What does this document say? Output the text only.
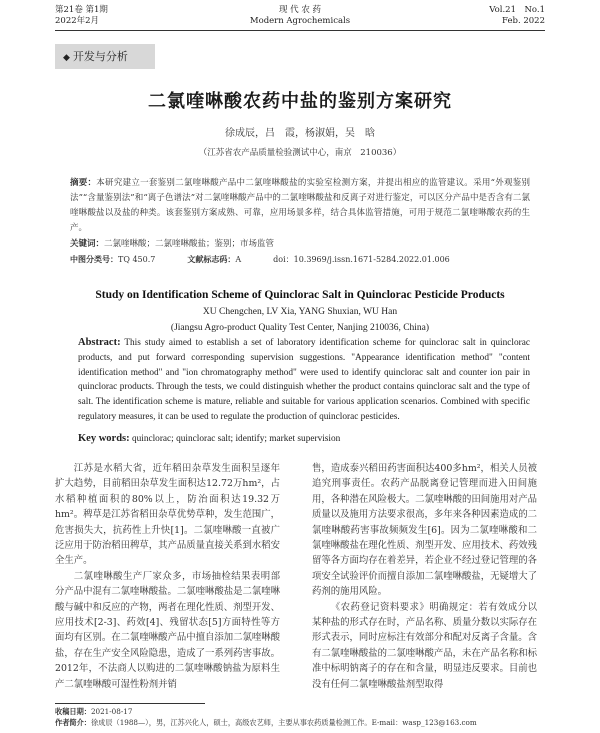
第21卷 第1期	现 代 农 药	Vol.21　No.1
2022年2月	Modern Agrochemicals	Feb. 2022
◆ 开发与分析
二氯喹啉酸农药中盐的鉴别方案研究
徐成辰，吕　霞，杨淑娟，吴　晗
（江苏省农产品质量检验测试中心，南京　210036）
摘要：本研究建立一套鉴别二氯喹啉酸产品中二氯喹啉酸盐的实验室检测方案，并提出相应的监管建议。采用“外观鉴别法”“含量鉴别法”和“离子色谱法”对二氯喹啉酸产品中的二氯喹啉酸盐和反离子对进行鉴定，可以区分产品中是否含有二氯喹啉酸盐以及盐的种类。该套鉴别方案成熟、可靠，应用场景多样，结合具体监管措施，可用于规范二氯喹啉酸农药的生产。
关键词：二氯喹啉酸；二氯喹啉酸盐；鉴别；市场监管
中图分类号：TQ 450.7	文献标志码：A	doi：10.3969/j.issn.1671-5284.2022.01.006
Study on Identification Scheme of Quinclorac Salt in Quinclorac Pesticide Products
XU Chengchen, LV Xia, YANG Shuxian, WU Han
(Jiangsu Agro-product Quality Test Center, Nanjing 210036, China)
Abstract: This study aimed to establish a set of laboratory identification scheme for quinclorac salt in quinclorac products, and put forward corresponding supervision suggestions. "Appearance identification method" "content identification method" and "ion chromatography method" were used to identify quinclorac salt and counter ion pair in quinclorac products. Through the tests, we could distinguish whether the product contains quinclorac salt and the type of salt. The identification scheme is mature, reliable and suitable for various application scenarios. Combined with specific regulatory measures, it can be used to regulate the production of quinclorac pesticides.
Key words: quinclorac; quinclorac salt; identify; market supervision

江苏是水稻大省，近年稻田杂草发生面积呈逐年扩大趋势，目前稻田杂草发生面积达12.72万hm²，占水稻种植面积的80%以上，防治面积达19.32万hm²。稗草是江苏省稻田杂草优势草种，发生范围广，危害损失大，抗药性上升快[1]。二氯喹啉酸一直被广泛应用于防治稻田稗草，其产品质量直接关系到水稻安全生产。

二氯喹啉酸生产厂家众多，市场抽检结果表明部分产品中混有二氯喹啉酸盐。二氯喹啉酸盐是二氯喹啉酸与碱中和反应的产物，两者在理化性质、剂型开发、应用技术[2-3]、药效[4]、残留状态[5]方面特性等方面均有区别。在二氯喹啉酸产品中擅自添加二氯喹啉酸盐，存在生产安全风险隐患，造成了一系列药害事故。2012年，不法商人以购进的二氯喹啉酸钠盐为原料生产二氯喹啉酸可湿性粉剂并销

售，造成泰兴稻田药害面积达400多hm²，相关人员被追究刑事责任。农药产品脱离登记管理而进入田间施用，各种潜在风险极大。二氯喹啉酸的田间施用对产品质量以及施用方法要求很高，多年来各种因素造成的二氯喹啉酸药害事故频频发生[6]。因为二氯喹啉酸和二氯喹啉酸盐在理化性质、剂型开发、应用技术、药效残留等各方面均存在着差异，若企业不经过登记管理的各项安全试验评价而擅自添加二氯喹啉酸盐，无疑增大了药剂的施用风险。

《农药登记资料要求》明确规定：若有效成分以某种盐的形式存在时，产品名称、质量分数以实际存在形式表示，同时应标注有效部分和配对反离子含量。含有二氯喹啉酸盐的二氯喹啉酸产品，未在产品名称和标准中标明钠离子的存在和含量，明显违反要求。目前也没有任何二氯喹啉酸盐剂型取得

收稿日期：2021-08-17
作者简介：徐成辰（1988—），男，江苏兴化人，硕士，高级农艺师，主要从事农药质量检测工作。E-mail：wasp_123@163.com
